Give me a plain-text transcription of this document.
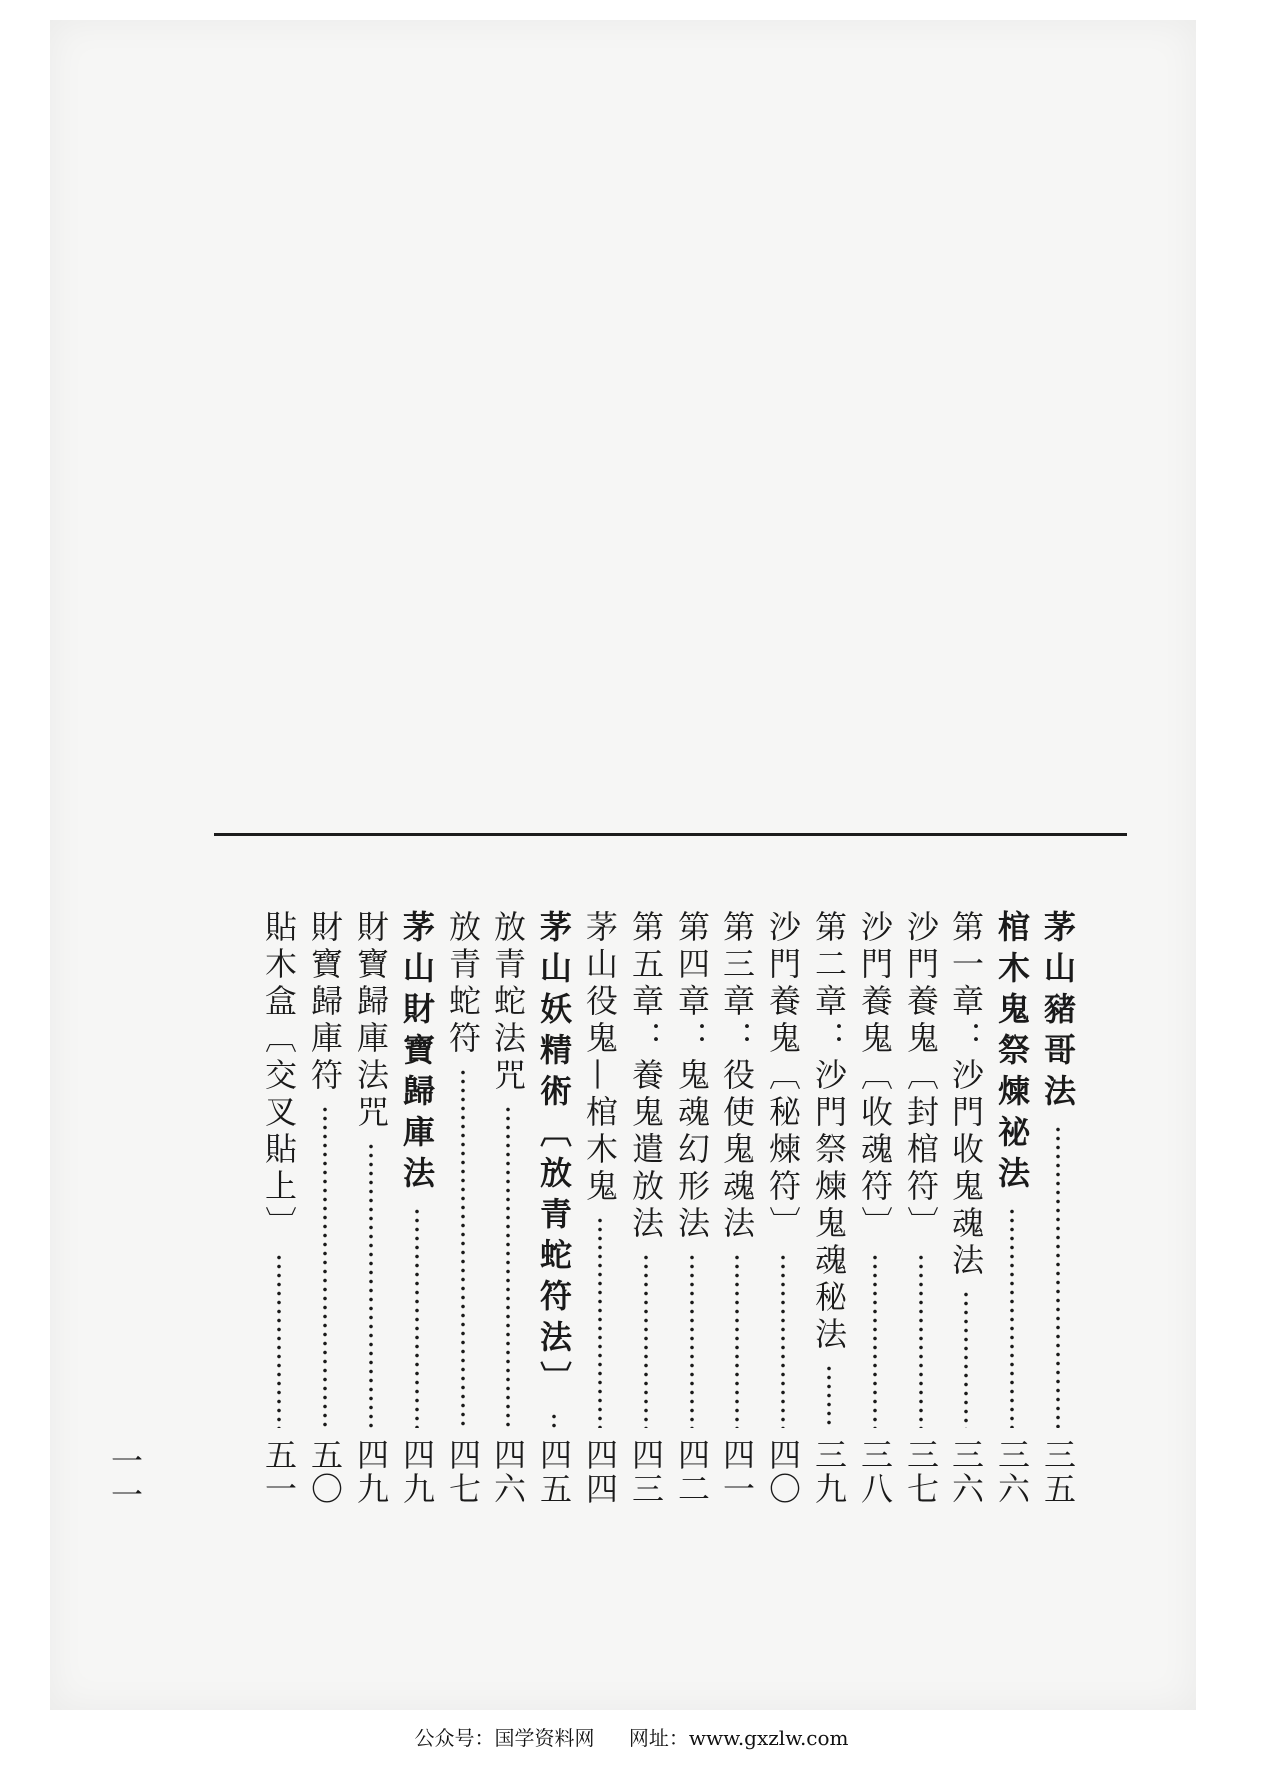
茅山豬哥法
三五
棺木鬼祭煉祕法
三六
第一章：沙門收鬼魂法
三六
沙門養鬼〔封棺符〕
三七
沙門養鬼〔收魂符〕
三八
第二章：沙門祭煉鬼魂秘法
三九
沙門養鬼〔秘煉符〕
四〇
第三章：役使鬼魂法
四一
第四章：鬼魂幻形法
四二
第五章：養鬼遣放法
四三
茅山役鬼—棺木鬼
四四
茅山妖精術〔放青蛇符法〕
四五
放青蛇法咒
四六
放青蛇符
四七
茅山財寶歸庫法
四九
財寶歸庫法咒
四九
財寶歸庫符
五〇
貼木盒〔交叉貼上〕
五一
一一
公众号：国学资料网 网址：www.gxzlw.com
